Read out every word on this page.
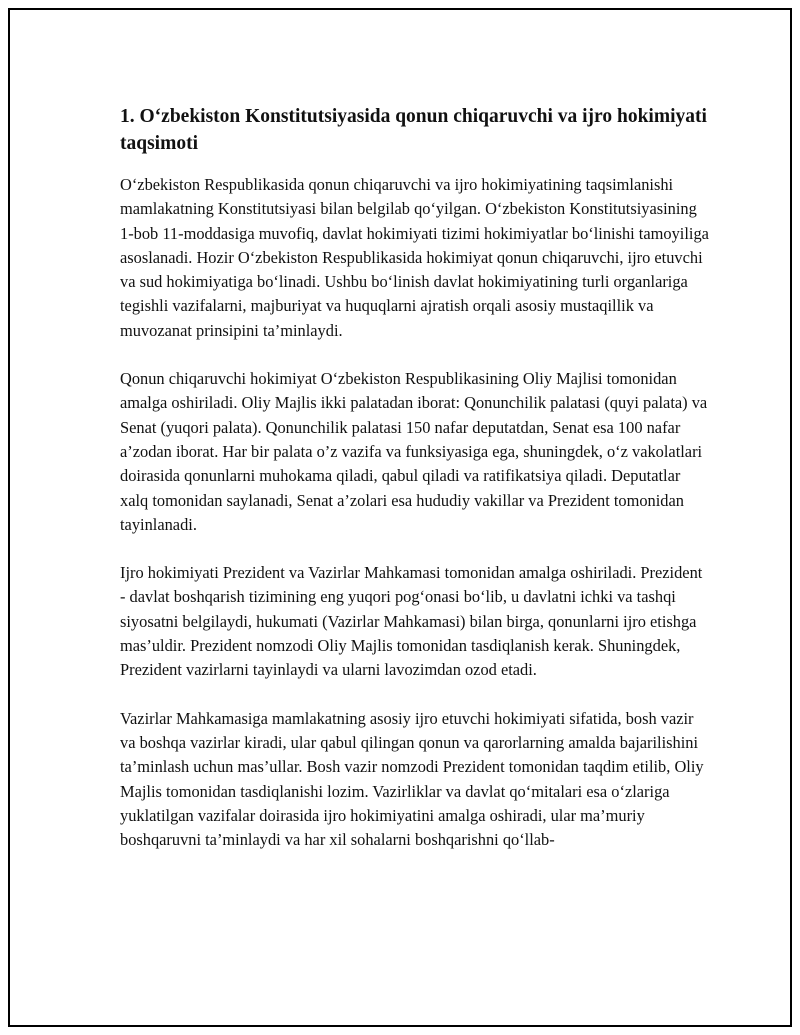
1. O‘zbekiston Konstitutsiyasida qonun chiqaruvchi va ijro hokimiyati taqsimoti

O‘zbekiston Respublikasida qonun chiqaruvchi va ijro hokimiyatining taqsimlanishi mamlakatning Konstitutsiyasi bilan belgilab qo‘yilgan. O‘zbekiston Konstitutsiyasining 1-bob 11-moddasiga muvofiq, davlat hokimiyati tizimi hokimiyatlar bo‘linishi tamoyiliga asoslanadi. Hozir O‘zbekiston Respublikasida hokimiyat qonun chiqaruvchi, ijro etuvchi va sud hokimiyatiga bo‘linadi. Ushbu bo‘linish davlat hokimiyatining turli organlariga tegishli vazifalarni, majburiyat va huquqlarni ajratish orqali asosiy mustaqillik va muvozanat prinsipini ta’minlaydi.

Qonun chiqaruvchi hokimiyat O‘zbekiston Respublikasining Oliy Majlisi tomonidan amalga oshiriladi. Oliy Majlis ikki palatadan iborat: Qonunchilik palatasi (quyi palata) va Senat (yuqori palata). Qonunchilik palatasi 150 nafar deputatdan, Senat esa 100 nafar a’zodan iborat. Har bir palata o’z vazifa va funksiyasiga ega, shuningdek, o‘z vakolatlari doirasida qonunlarni muhokama qiladi, qabul qiladi va ratifikatsiya qiladi. Deputatlar xalq tomonidan saylanadi, Senat a’zolari esa hududiy vakillar va Prezident tomonidan tayinlanadi.

Ijro hokimiyati Prezident va Vazirlar Mahkamasi tomonidan amalga oshiriladi. Prezident - davlat boshqarish tizimining eng yuqori pog‘onasi bo‘lib, u davlatni ichki va tashqi siyosatni belgilaydi, hukumati (Vazirlar Mahkamasi) bilan birga, qonunlarni ijro etishga mas’uldir. Prezident nomzodi Oliy Majlis tomonidan tasdiqlanish kerak. Shuningdek, Prezident vazirlarni tayinlaydi va ularni lavozimdan ozod etadi.

Vazirlar Mahkamasiga mamlakatning asosiy ijro etuvchi hokimiyati sifatida, bosh vazir va boshqa vazirlar kiradi, ular qabul qilingan qonun va qarorlarning amalda bajarilishini ta’minlash uchun mas’ullar. Bosh vazir nomzodi Prezident tomonidan taqdim etilib, Oliy Majlis tomonidan tasdiqlanishi lozim. Vazirliklar va davlat qo‘mitalari esa o‘zlariga yuklatilgan vazifalar doirasida ijro hokimiyatini amalga oshiradi, ular ma’muriy boshqaruvni ta’minlaydi va har xil sohalarni boshqarishni qo‘llab-
